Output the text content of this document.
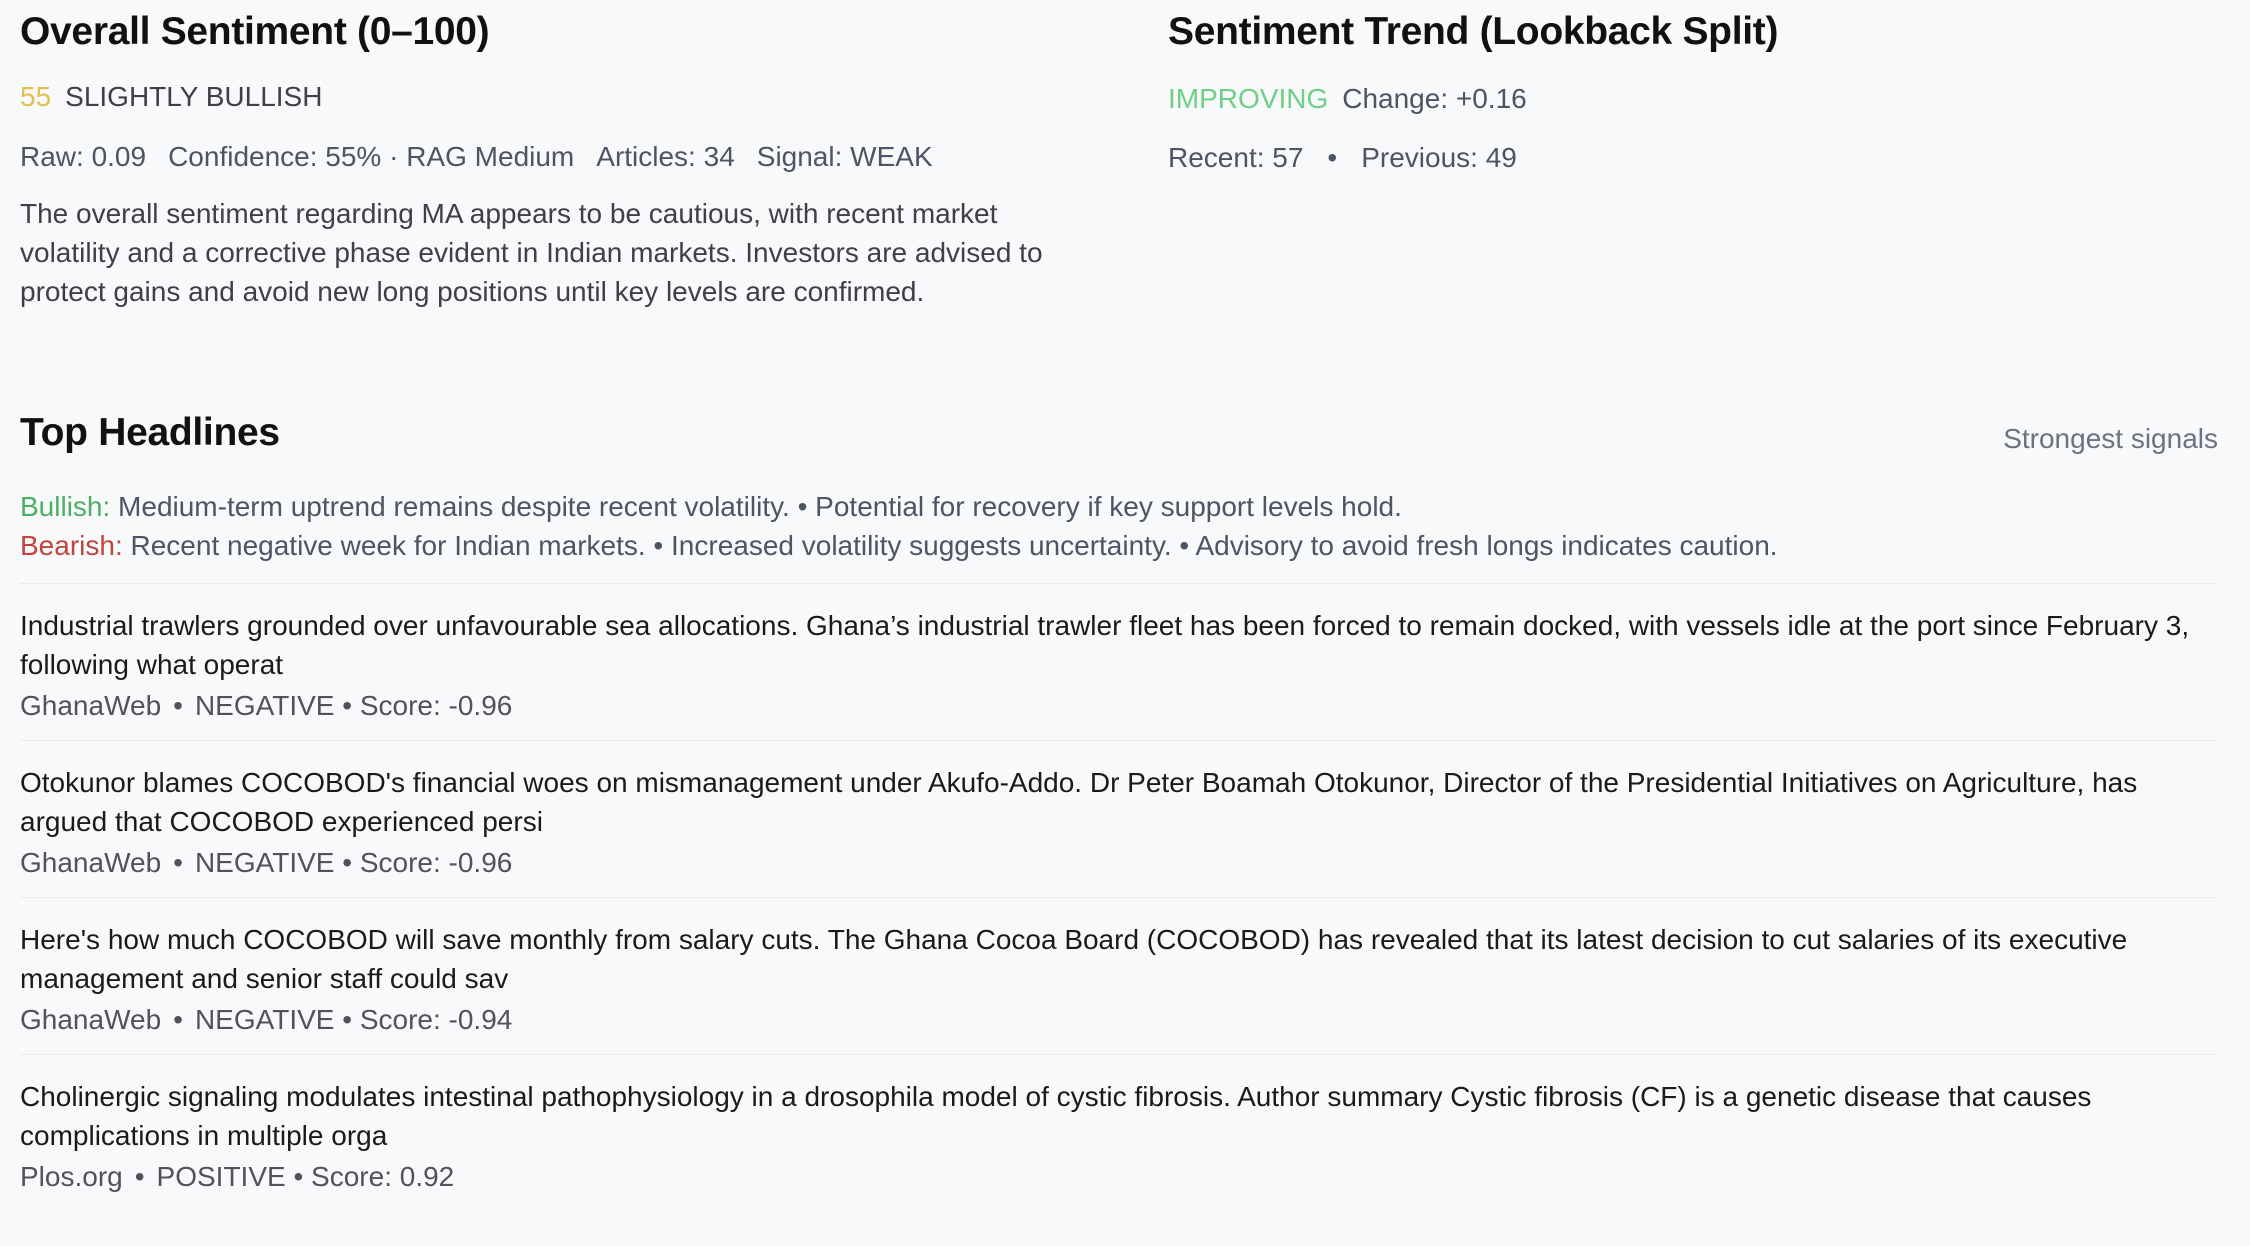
Overall Sentiment (0–100)
55 SLIGHTLY BULLISH
Raw: 0.09 Confidence: 55% · RAG Medium Articles: 34 Signal: WEAK
The overall sentiment regarding MA appears to be cautious, with recent market volatility and a corrective phase evident in Indian markets. Investors are advised to protect gains and avoid new long positions until key levels are confirmed.
Sentiment Trend (Lookback Split)
IMPROVING Change: +0.16
Recent: 57 • Previous: 49
Top Headlines	Strongest signals
Bullish: Medium-term uptrend remains despite recent volatility. • Potential for recovery if key support levels hold.
Bearish: Recent negative week for Indian markets. • Increased volatility suggests uncertainty. • Advisory to avoid fresh longs indicates caution.
Industrial trawlers grounded over unfavourable sea allocations. Ghana’s industrial trawler fleet has been forced to remain docked, with vessels idle at the port since February 3, following what operat
GhanaWeb • NEGATIVE • Score: -0.96
Otokunor blames COCOBOD's financial woes on mismanagement under Akufo-Addo. Dr Peter Boamah Otokunor, Director of the Presidential Initiatives on Agriculture, has argued that COCOBOD experienced persi
GhanaWeb • NEGATIVE • Score: -0.96
Here's how much COCOBOD will save monthly from salary cuts. The Ghana Cocoa Board (COCOBOD) has revealed that its latest decision to cut salaries of its executive management and senior staff could sav
GhanaWeb • NEGATIVE • Score: -0.94
Cholinergic signaling modulates intestinal pathophysiology in a drosophila model of cystic fibrosis. Author summary Cystic fibrosis (CF) is a genetic disease that causes complications in multiple orga
Plos.org • POSITIVE • Score: 0.92
